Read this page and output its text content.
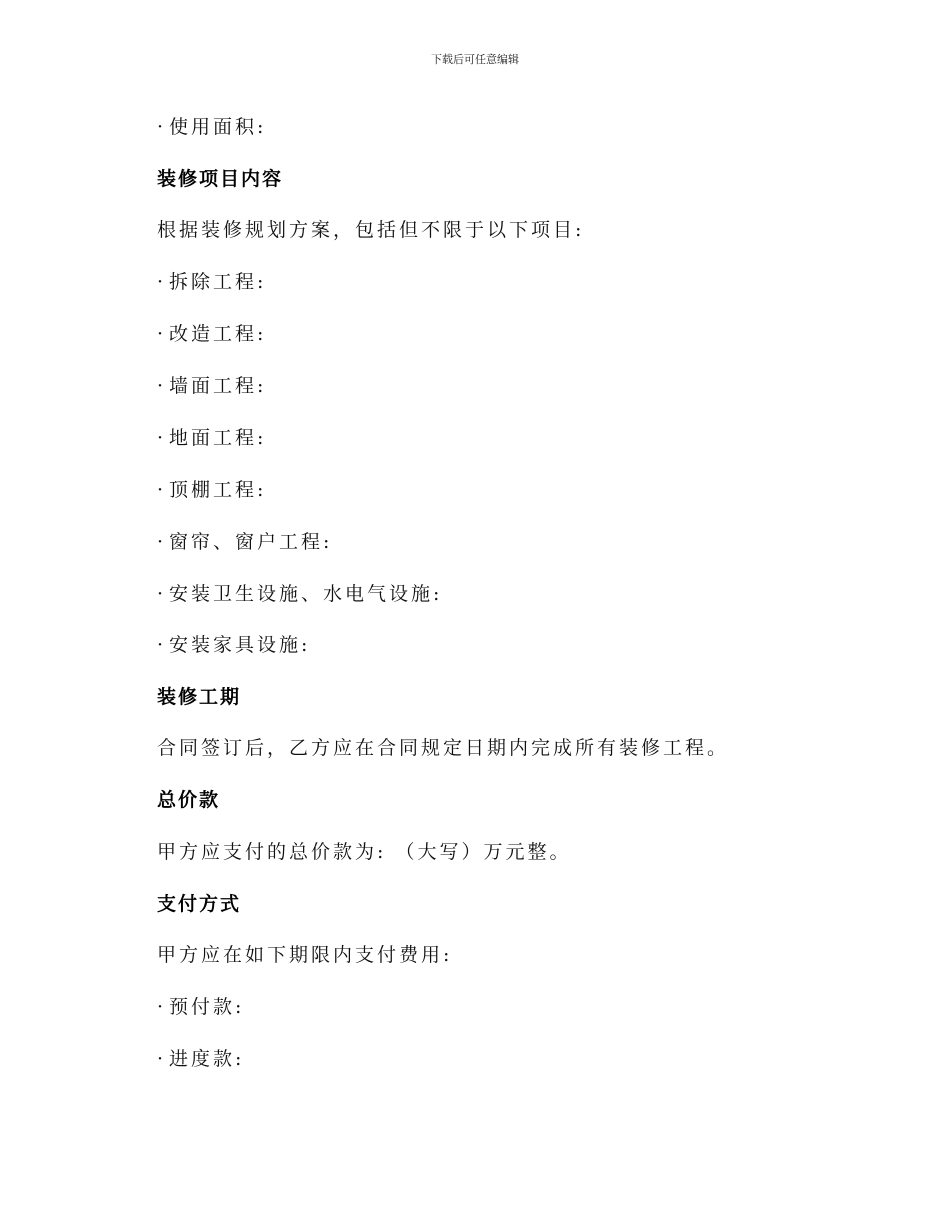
下载后可任意编辑
· 使用面积:
装修项目内容
根据装修规划方案，包括但不限于以下项目:
· 拆除工程:
· 改造工程:
· 墙面工程:
· 地面工程:
· 顶棚工程:
· 窗帘、窗户工程:
· 安装卫生设施、水电气设施:
· 安装家具设施:
装修工期
合同签订后，乙方应在合同规定日期内完成所有装修工程。
总价款
甲方应支付的总价款为: （大写）万元整。
支付方式
甲方应在如下期限内支付费用:
· 预付款:
· 进度款:
